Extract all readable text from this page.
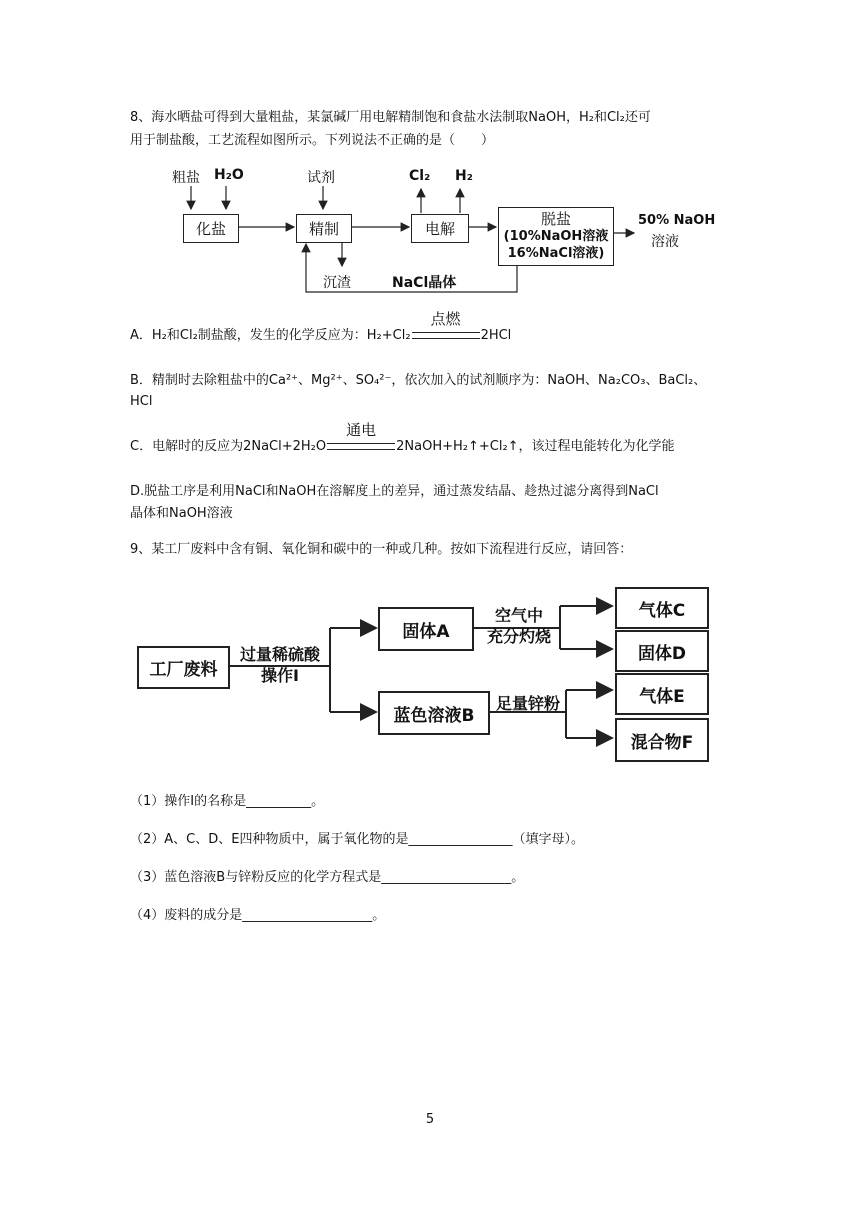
8、海水晒盐可得到大量粗盐，某氯碱厂用电解精制饱和食盐水法制取NaOH，H₂和Cl₂还可
用于制盐酸，工艺流程如图所示。下列说法不正确的是（　　）
粗盐 H₂O	试剂	Cl₂ H₂
化盐	精制	电解
脱盐
(10%NaOH溶液
16%NaCl溶液)
50% NaOH
溶液
沉渣	NaCl晶体
A．H₂和Cl₂制盐酸，发生的化学反应为：H₂+Cl₂
点燃
2HCl
B．精制时去除粗盐中的Ca²⁺、Mg²⁺、SO₄²⁻，依次加入的试剂顺序为：NaOH、Na₂CO₃、BaCl₂、
HCl
C．电解时的反应为2NaCl+2H₂O
通电
2NaOH+H₂↑+Cl₂↑，该过程电能转化为化学能
D.脱盐工序是利用NaCl和NaOH在溶解度上的差异，通过蒸发结晶、趁热过滤分离得到NaCl
晶体和NaOH溶液
9、某工厂废料中含有铜、氧化铜和碳中的一种或几种。按如下流程进行反应，请回答：
工厂废料
过量稀硫酸
操作I
固体A
空气中
充分灼烧
气体C
固体D
蓝色溶液B
足量锌粉	气体E
混合物F
（1）操作Ⅰ的名称是__________。
（2）A、C、D、E四种物质中，属于氧化物的是________________（填字母）。
（3）蓝色溶液B与锌粉反应的化学方程式是____________________。
（4）废料的成分是____________________。
5
